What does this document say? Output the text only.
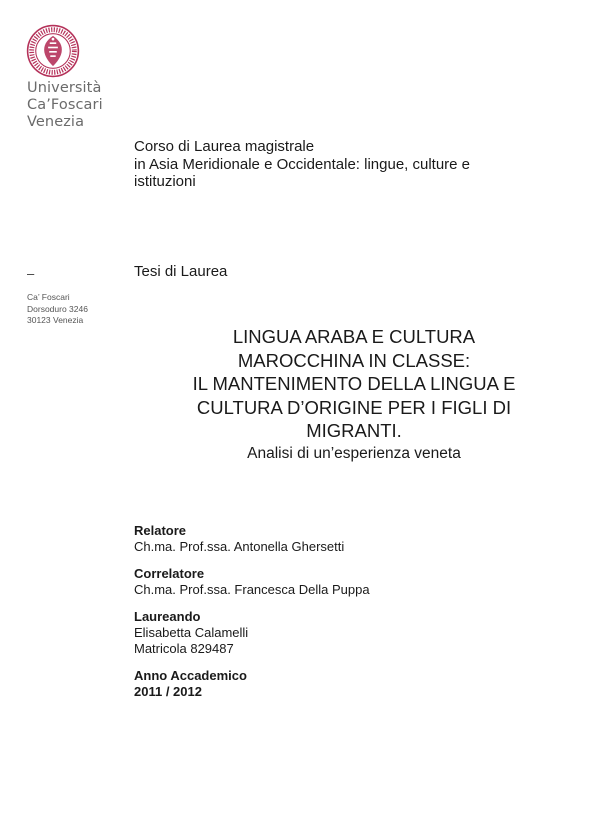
Università
Ca’Foscari
Venezia
–
Ca’ Foscari
Dorsoduro 3246
30123 Venezia
Corso di Laurea magistrale
in Asia Meridionale e Occidentale: lingue, culture e
istituzioni
Tesi di Laurea
LINGUA ARABA E CULTURA
MAROCCHINA IN CLASSE:
IL MANTENIMENTO DELLA LINGUA E
CULTURA D’ORIGINE PER I FIGLI DI
MIGRANTI.
Analisi di un’esperienza veneta
Relatore
Ch.ma. Prof.ssa. Antonella Ghersetti
Correlatore
Ch.ma. Prof.ssa. Francesca Della Puppa
Laureando
Elisabetta Calamelli
Matricola 829487
Anno Accademico
2011 / 2012
